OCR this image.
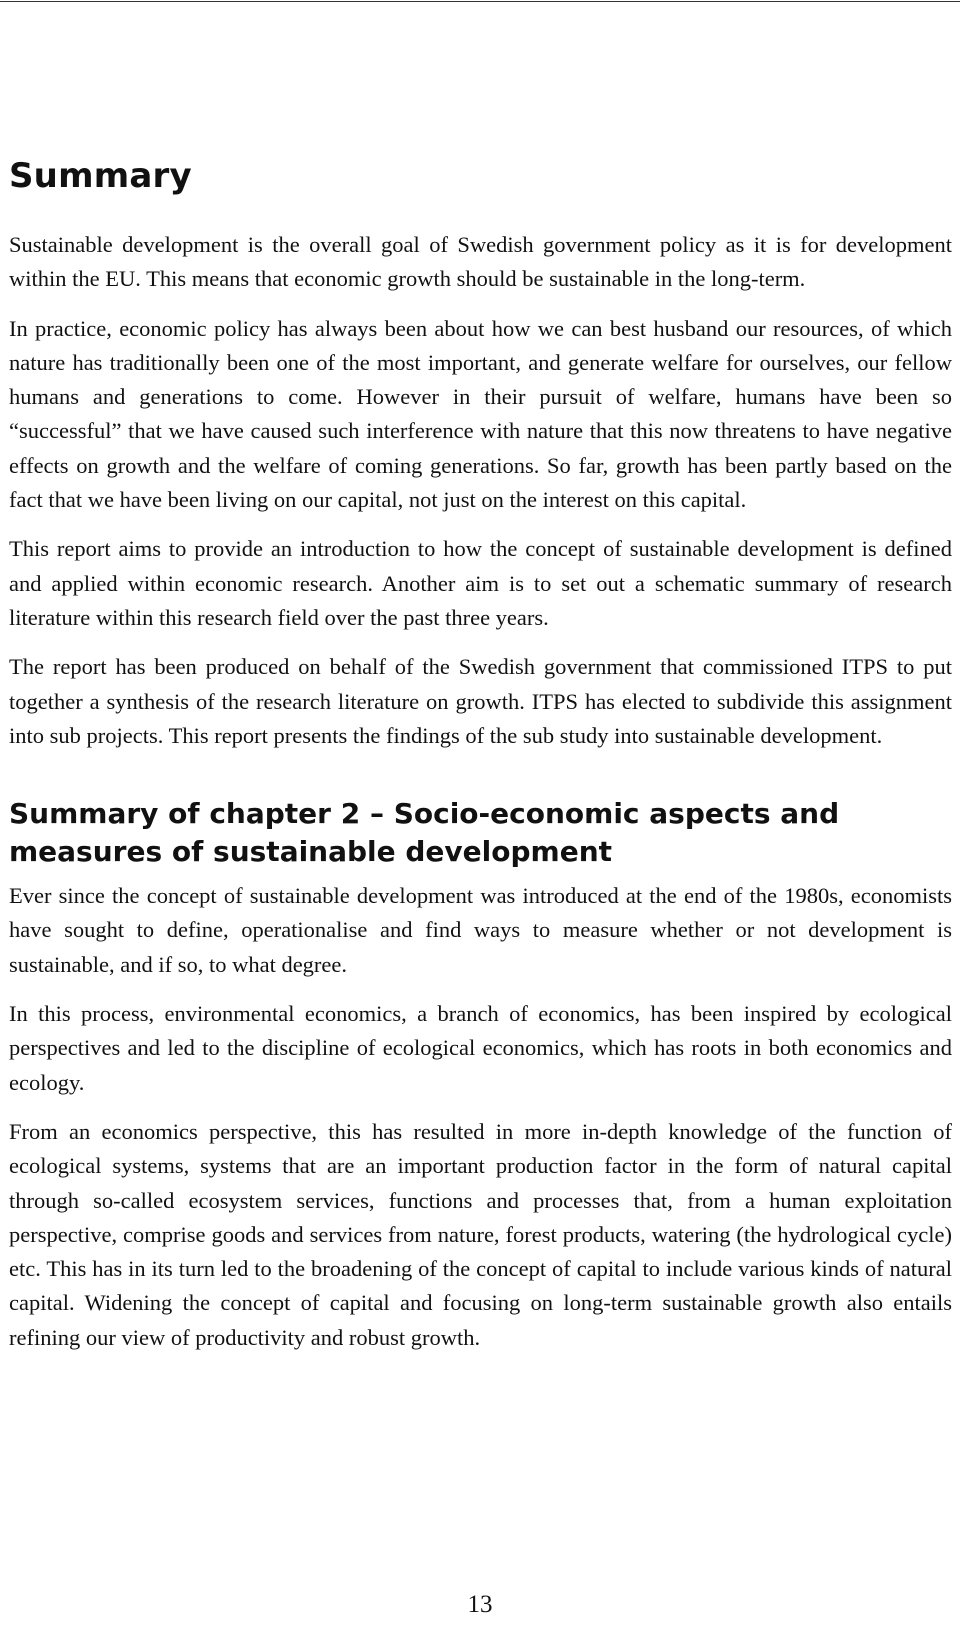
Summary

Sustainable development is the overall goal of Swedish government policy as it is for development within the EU. This means that economic growth should be sustainable in the long-term.

In practice, economic policy has always been about how we can best husband our resources, of which nature has traditionally been one of the most important, and generate welfare for ourselves, our fellow humans and generations to come. However in their pursuit of welfare, humans have been so “successful” that we have caused such interference with nature that this now threatens to have negative effects on growth and the welfare of coming generations. So far, growth has been partly based on the fact that we have been living on our capital, not just on the interest on this capital.

This report aims to provide an introduction to how the concept of sustainable development is defined and applied within economic research. Another aim is to set out a schematic summary of research literature within this research field over the past three years.

The report has been produced on behalf of the Swedish government that commissioned ITPS to put together a synthesis of the research literature on growth. ITPS has elected to subdivide this assignment into sub projects. This report presents the findings of the sub study into sustainable development.

Summary of chapter 2 – Socio-economic aspects and measures of sustainable development

Ever since the concept of sustainable development was introduced at the end of the 1980s, economists have sought to define, operationalise and find ways to measure whether or not development is sustainable, and if so, to what degree.

In this process, environmental economics, a branch of economics, has been inspired by ecological perspectives and led to the discipline of ecological economics, which has roots in both economics and ecology.

From an economics perspective, this has resulted in more in-depth knowledge of the function of ecological systems, systems that are an important production factor in the form of natural capital through so-called ecosystem services, functions and processes that, from a human exploitation perspective, comprise goods and services from nature, forest products, watering (the hydrological cycle) etc. This has in its turn led to the broadening of the concept of capital to include various kinds of natural capital. Widening the concept of capital and focusing on long-term sustainable growth also entails refining our view of productivity and robust growth.

13
